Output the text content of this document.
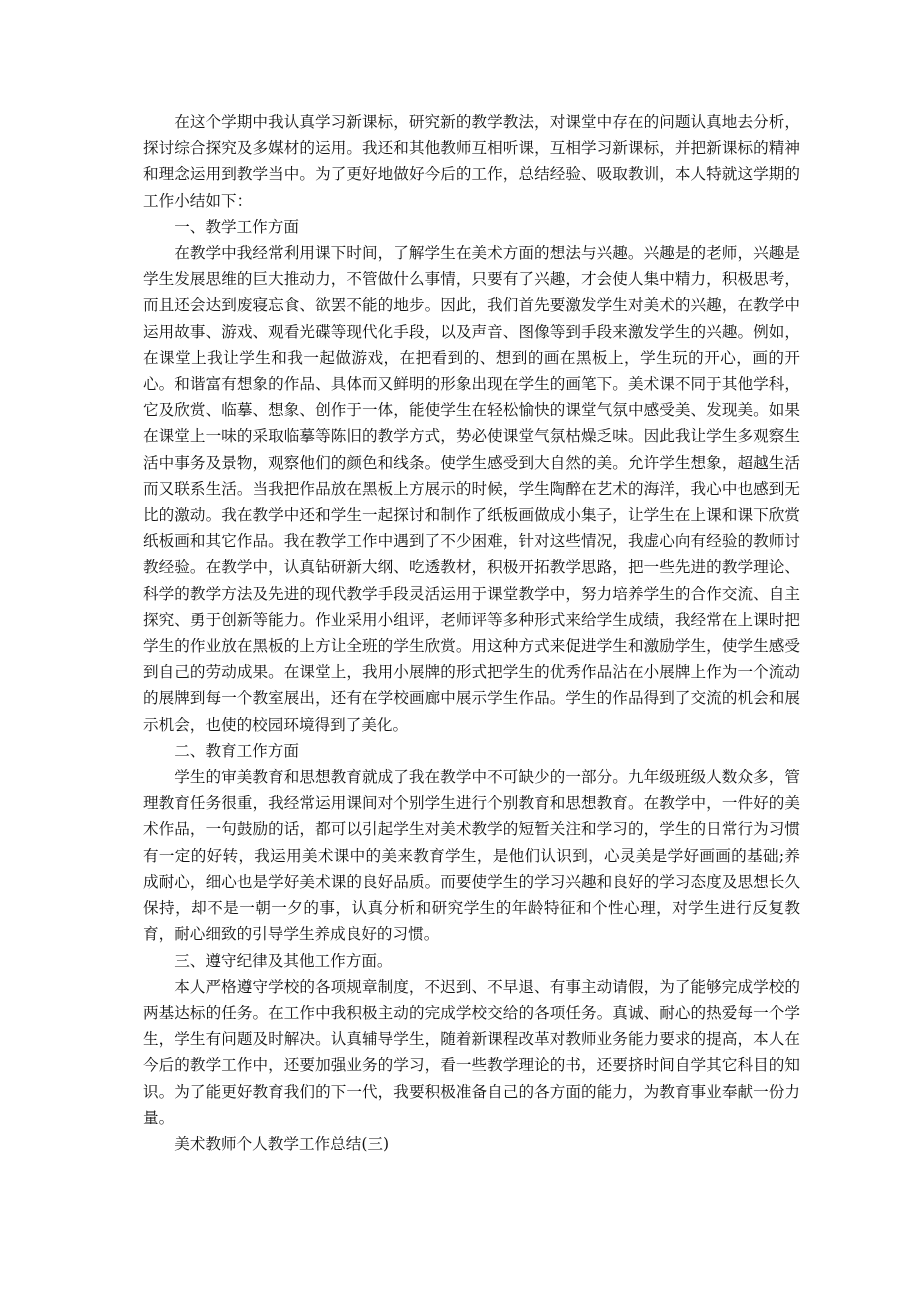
在这个学期中我认真学习新课标，研究新的教学教法，对课堂中存在的问题认真地去分析，探讨综合探究及多媒材的运用。我还和其他教师互相听课，互相学习新课标，并把新课标的精神和理念运用到教学当中。为了更好地做好今后的工作，总结经验、吸取教训，本人特就这学期的工作小结如下：

一、教学工作方面

在教学中我经常利用课下时间，了解学生在美术方面的想法与兴趣。兴趣是的老师，兴趣是学生发展思维的巨大推动力，不管做什么事情，只要有了兴趣，才会使人集中精力，积极思考，而且还会达到废寝忘食、欲罢不能的地步。因此，我们首先要激发学生对美术的兴趣，在教学中运用故事、游戏、观看光碟等现代化手段，以及声音、图像等到手段来激发学生的兴趣。例如，在课堂上我让学生和我一起做游戏，在把看到的、想到的画在黑板上，学生玩的开心，画的开心。和谐富有想象的作品、具体而又鲜明的形象出现在学生的画笔下。美术课不同于其他学科，它及欣赏、临摹、想象、创作于一体，能使学生在轻松愉快的课堂气氛中感受美、发现美。如果在课堂上一味的采取临摹等陈旧的教学方式，势必使课堂气氛枯燥乏味。因此我让学生多观察生活中事务及景物，观察他们的颜色和线条。使学生感受到大自然的美。允许学生想象，超越生活而又联系生活。当我把作品放在黑板上方展示的时候，学生陶醉在艺术的海洋，我心中也感到无比的激动。我在教学中还和学生一起探讨和制作了纸板画做成小集子，让学生在上课和课下欣赏纸板画和其它作品。我在教学工作中遇到了不少困难，针对这些情况，我虚心向有经验的教师讨教经验。在教学中，认真钻研新大纲、吃透教材，积极开拓教学思路，把一些先进的教学理论、科学的教学方法及先进的现代教学手段灵活运用于课堂教学中，努力培养学生的合作交流、自主探究、勇于创新等能力。作业采用小组评，老师评等多种形式来给学生成绩，我经常在上课时把学生的作业放在黑板的上方让全班的学生欣赏。用这种方式来促进学生和激励学生，使学生感受到自己的劳动成果。在课堂上，我用小展牌的形式把学生的优秀作品沾在小展牌上作为一个流动的展牌到每一个教室展出，还有在学校画廊中展示学生作品。学生的作品得到了交流的机会和展示机会，也使的校园环境得到了美化。

二、教育工作方面

学生的审美教育和思想教育就成了我在教学中不可缺少的一部分。九年级班级人数众多，管理教育任务很重，我经常运用课间对个别学生进行个别教育和思想教育。在教学中，一件好的美术作品，一句鼓励的话，都可以引起学生对美术教学的短暂关注和学习的，学生的日常行为习惯有一定的好转，我运用美术课中的美来教育学生，是他们认识到，心灵美是学好画画的基础;养成耐心，细心也是学好美术课的良好品质。而要使学生的学习兴趣和良好的学习态度及思想长久保持，却不是一朝一夕的事，认真分析和研究学生的年龄特征和个性心理，对学生进行反复教育，耐心细致的引导学生养成良好的习惯。

三、遵守纪律及其他工作方面。

本人严格遵守学校的各项规章制度，不迟到、不早退、有事主动请假，为了能够完成学校的两基达标的任务。在工作中我积极主动的完成学校交给的各项任务。真诚、耐心的热爱每一个学生，学生有问题及时解决。认真辅导学生，随着新课程改革对教师业务能力要求的提高，本人在今后的教学工作中，还要加强业务的学习，看一些教学理论的书，还要挤时间自学其它科目的知识。为了能更好教育我们的下一代，我要积极准备自己的各方面的能力，为教育事业奉献一份力量。

美术教师个人教学工作总结(三)
